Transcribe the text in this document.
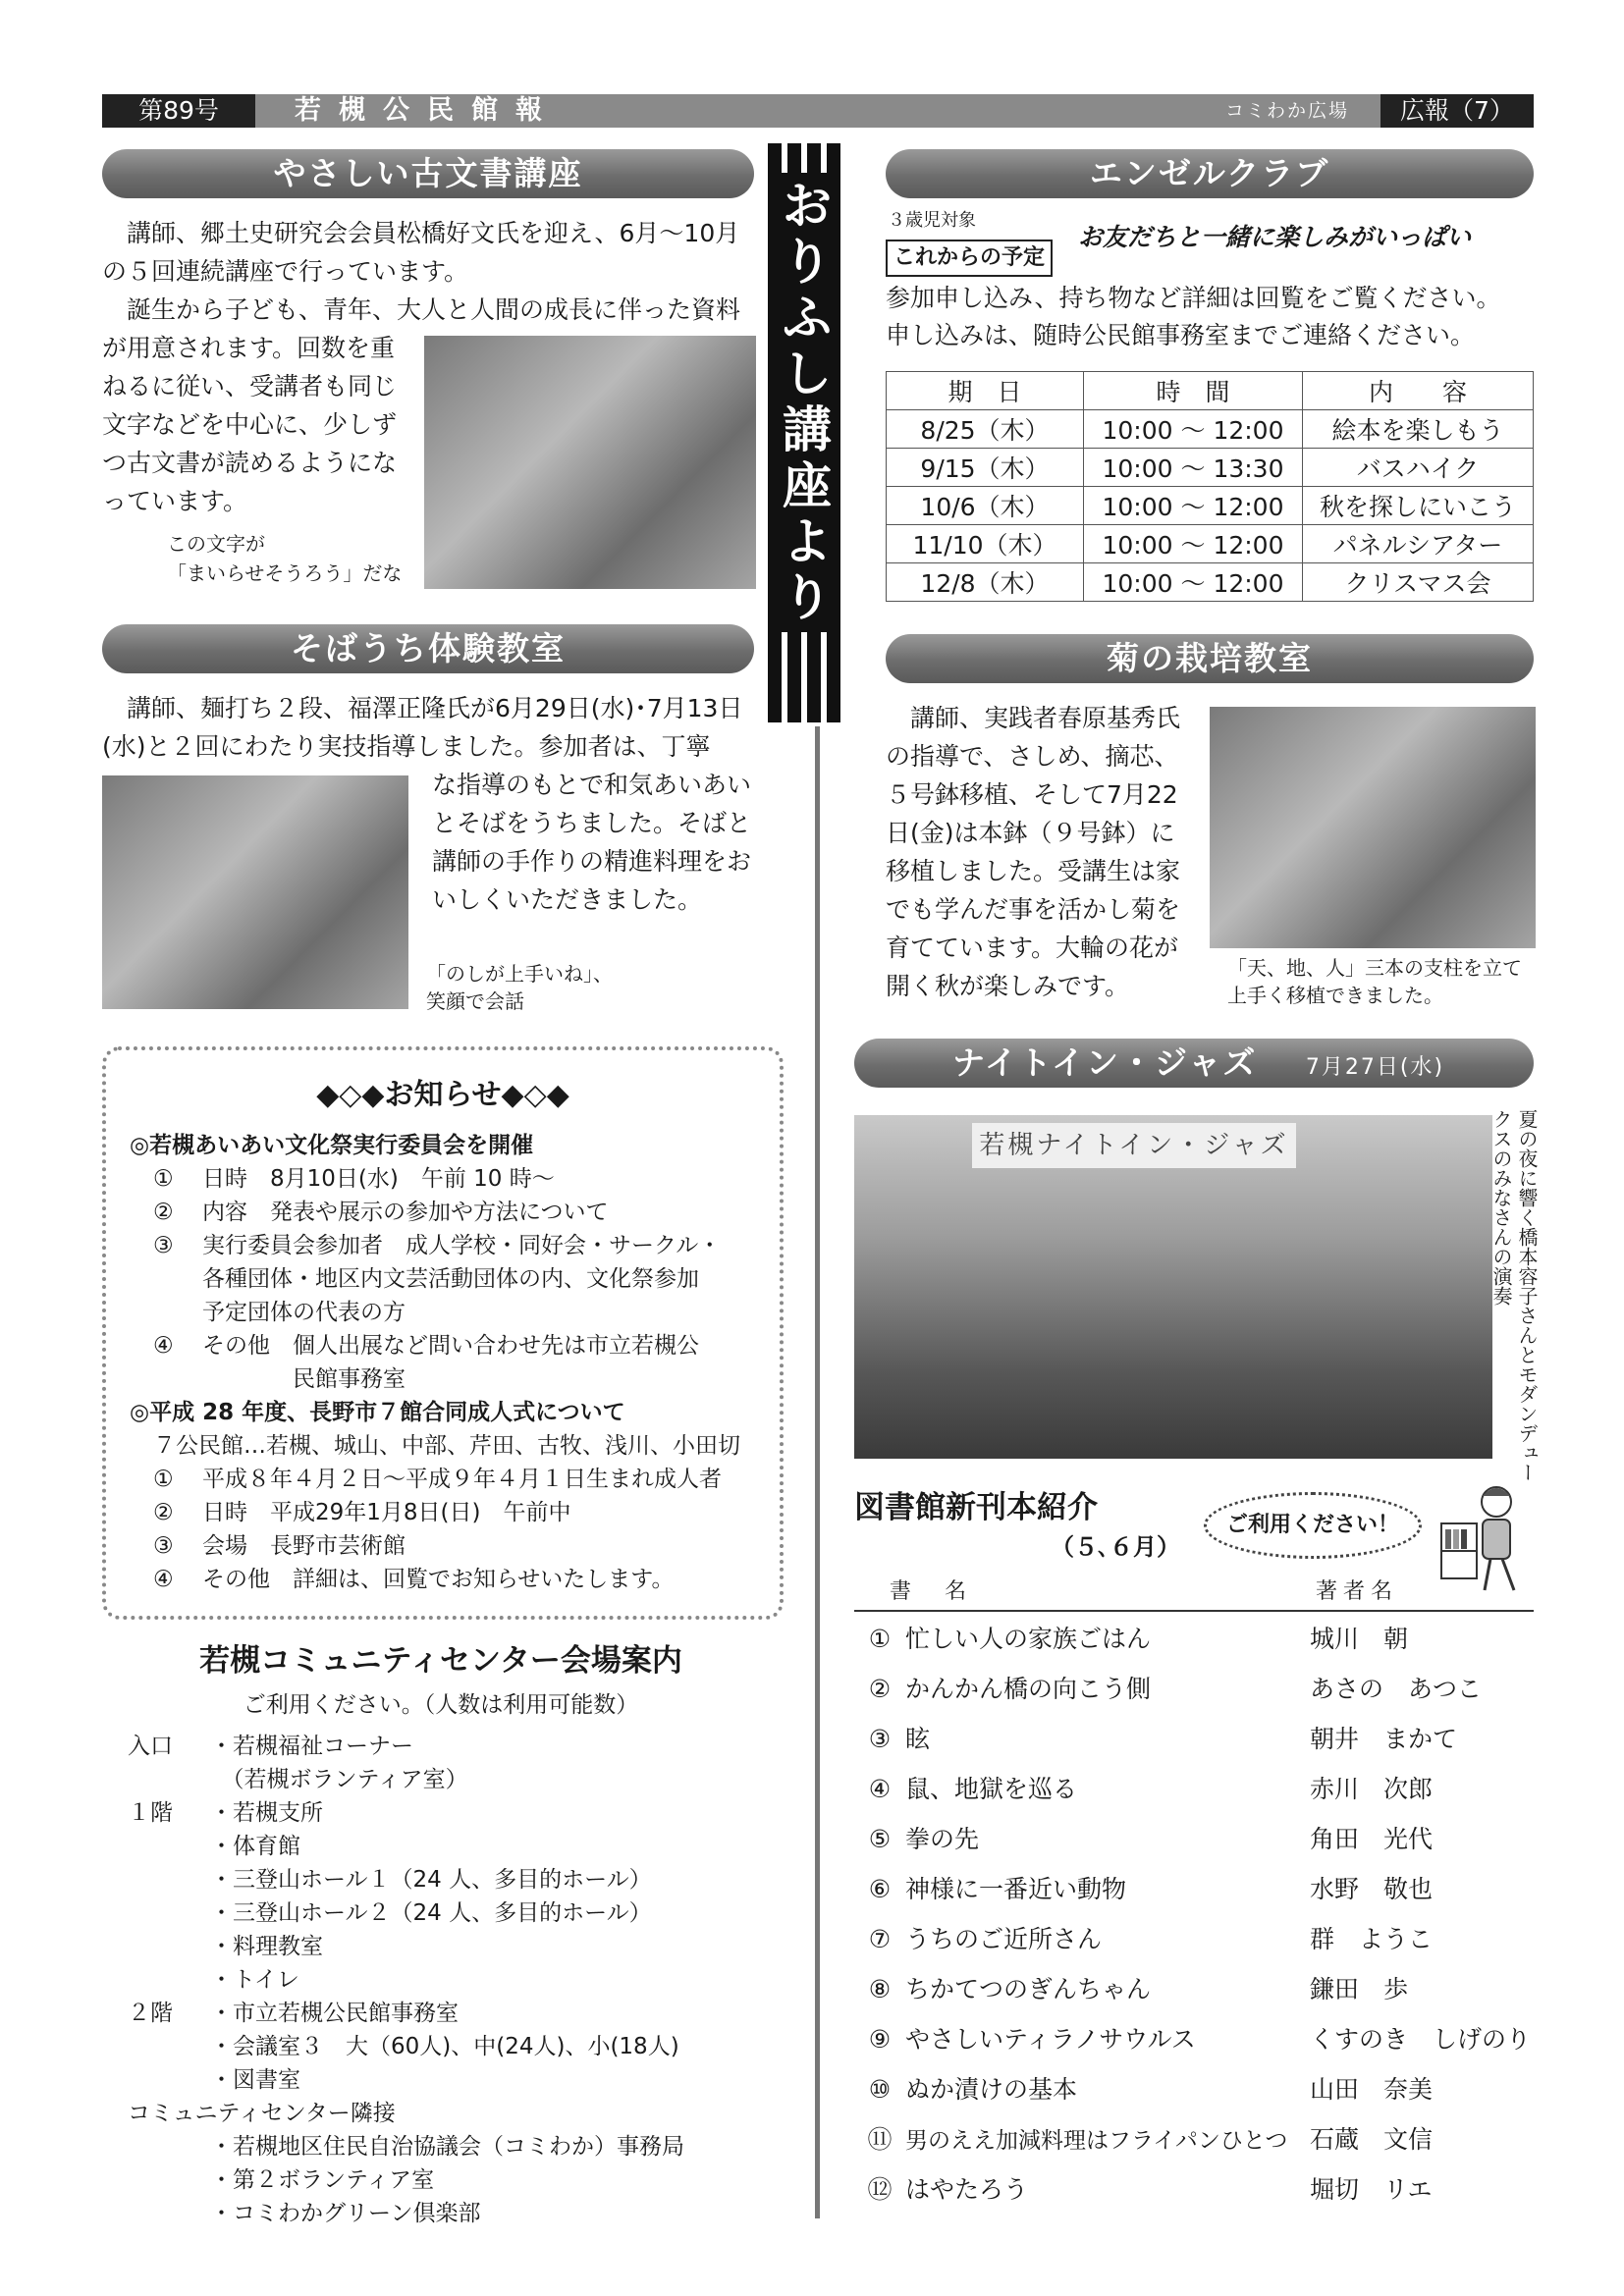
第89号	若槻公民館報	コミわか広場	広報（7）
やさしい古文書講座
講師、郷土史研究会会員松橋好文氏を迎え、6月〜10月の５回連続講座で行っています。
誕生から子ども、青年、大人と人間の成長に伴った資料
が用意されます。回数を重ねるに従い、受講者も同じ文字などを中心に、少しずつ古文書が読めるようになっています。
この文字が
「まいらせそうろう」だな
そばうち体験教室
講師、麺打ち２段、福澤正隆氏が6月29日(水)･7月13日(水)と２回にわたり実技指導しました。参加者は、丁寧
な指導のもとで和気あいあいとそばをうちました。そばと講師の手作りの精進料理をおいしくいただきました。
「のしが上手いね」、
笑顔で会話
お
り
ふ
し
講
座
よ
り
エンゼルクラブ
３歳児対象
これからの予定
お友だちと一緒に楽しみがいっぱい
参加申し込み、持ち物など詳細は回覧をご覧ください。
申し込みは、随時公民館事務室までご連絡ください。
期　日	時　間	内　　容
8/25（木）	10:00 〜 12:00	絵本を楽しもう
9/15（木）	10:00 〜 13:30	バスハイク
10/6（木）	10:00 〜 12:00	秋を探しにいこう
11/10（木）	10:00 〜 12:00	パネルシアター
12/8（木）	10:00 〜 12:00	クリスマス会
菊の栽培教室
講師、実践者春原基秀氏の指導で、さしめ、摘芯、５号鉢移植、そして7月22日(金)は本鉢（９号鉢）に移植しました。受講生は家でも学んだ事を活かし菊を育てています。大輪の花が開く秋が楽しみです。
「天、地、人」三本の支柱を立て
上手く移植できました。
◆◇◆お知らせ◆◇◆
◎若槻あいあい文化祭実行委員会を開催
① 日時　8月10日(水)　午前 10 時〜
② 内容　発表や展示の参加や方法について
③ 実行委員会参加者　成人学校・同好会・サークル・
各種団体・地区内文芸活動団体の内、文化祭参加
予定団体の代表の方
④ その他　個人出展など問い合わせ先は市立若槻公
　　　　民館事務室
◎平成 28 年度、長野市７館合同成人式について
７公民館…若槻、城山、中部、芹田、古牧、浅川、小田切
① 平成８年４月２日〜平成９年４月１日生まれ成人者
② 日時　平成29年1月8日(日)　午前中
③ 会場　長野市芸術館
④ その他　詳細は、回覧でお知らせいたします。
若槻コミュニティセンター会場案内
ご利用ください。（人数は利用可能数）
入口 ・若槻福祉コーナー
　（若槻ボランティア室）
１階 ・若槻支所
・体育館
・三登山ホール１（24 人、多目的ホール）
・三登山ホール２（24 人、多目的ホール）
・料理教室
・トイレ
２階 ・市立若槻公民館事務室
・会議室３　大（60人)、中(24人)、小(18人)
・図書室
コミュニティセンター隣接
・若槻地区住民自治協議会（コミわか）事務局
・第２ボランティア室
・コミわかグリーン倶楽部
ナイトイン・ジャズ 7月27日(水)
若槻ナイトイン・ジャズ	夏の夜に響く橋本容子さんとモダンデュークスのみなさんの演奏
図書館新刊本紹介
（５､６月）
ご利用ください！
書　名	著者名
① 忙しい人の家族ごはん	城川　朝
② かんかん橋の向こう側	あさの　あつこ
③ 眩	朝井　まかて
④ 鼠、地獄を巡る	赤川　次郎
⑤ 拳の先	角田　光代
⑥ 神様に一番近い動物	水野　敬也
⑦ うちのご近所さん	群　ようこ
⑧ ちかてつのぎんちゃん	鎌田　歩
⑨ やさしいティラノサウルス	くすのき　しげのり
⑩ ぬか漬けの基本	山田　奈美
⑪ 男のええ加減料理はフライパンひとつ 石蔵　文信
⑫ はやたろう	堀切　リエ
